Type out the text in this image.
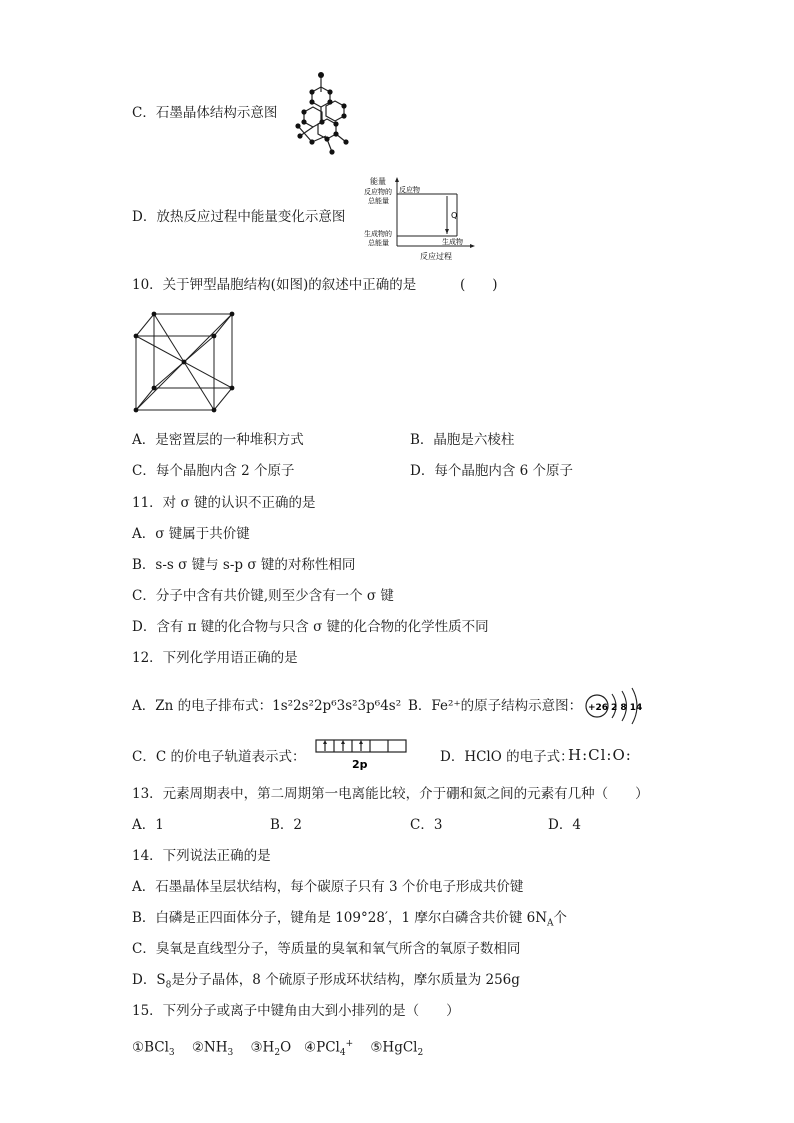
C．石墨晶体结构示意图
D．放热反应过程中能量变化示意图
能量
反应物的
总能量
反应物
Q
生成物的
总能量	生成物
反应过程
10．关于钾型晶胞结构(如图)的叙述中正确的是	(　　)
A．是密置层的一种堆积方式	B．晶胞是六棱柱
C．每个晶胞内含 2 个原子	D．每个晶胞内含 6 个原子
11．对 σ 键的认识不正确的是
A．σ 键属于共价键
B．s-s σ 键与 s-p σ 键的对称性相同
C．分子中含有共价键,则至少含有一个 σ 键
D．含有 π 键的化合物与只含 σ 键的化合物的化学性质不同
12．下列化学用语正确的是
A．Zn 的电子排布式：1s²2s²2p⁶3s²3p⁶4s² B．Fe²⁺的原子结构示意图： +26 2 8 14
C．C 的价电子轨道表示式：	2p	D．HClO 的电子式：
H:Cl:O:
13．元素周期表中，第二周期第一电离能比较，介于硼和氮之间的元素有几种（　　）
A．1	B．2	C．3	D．4
14．下列说法正确的是
A．石墨晶体呈层状结构，每个碳原子只有 3 个价电子形成共价键
B．白磷是正四面体分子，键角是 109°28′，1 摩尔白磷含共价键 $6N_A$个
C．臭氧是直线型分子，等质量的臭氧和氧气所含的氧原子数相同
D．$S_8$是分子晶体，8 个硫原子形成环状结构，摩尔质量为 256g
15．下列分子或离子中键角由大到小排列的是（　　）
①BCl$_3$ $②NH_3$ $③H_2O$ ④PCl$_4$+ ⑤HgCl$_2$
